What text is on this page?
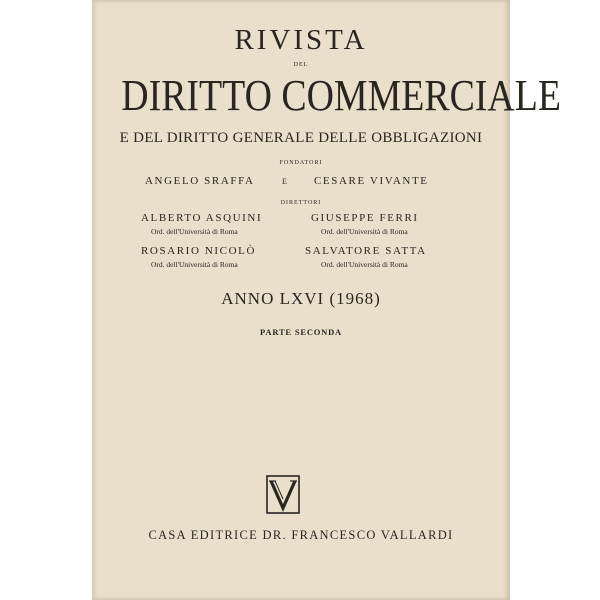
RIVISTA
DEL
DIRITTO COMMERCIALE
E DEL DIRITTO GENERALE DELLE OBBLIGAZIONI
FONDATORI
ANGELO SRAFFA	E CESARE VIVANTE
DIRETTORI
ALBERTO ASQUINI
Ord. dell'Università di Roma
GIUSEPPE FERRI
Ord. dell'Università di Roma
ROSARIO NICOLÒ
Ord. dell'Università di Roma
SALVATORE SATTA
Ord. dell'Università di Roma
ANNO LXVI (1968)
PARTE SECONDA
CASA EDITRICE DR. FRANCESCO VALLARDI
